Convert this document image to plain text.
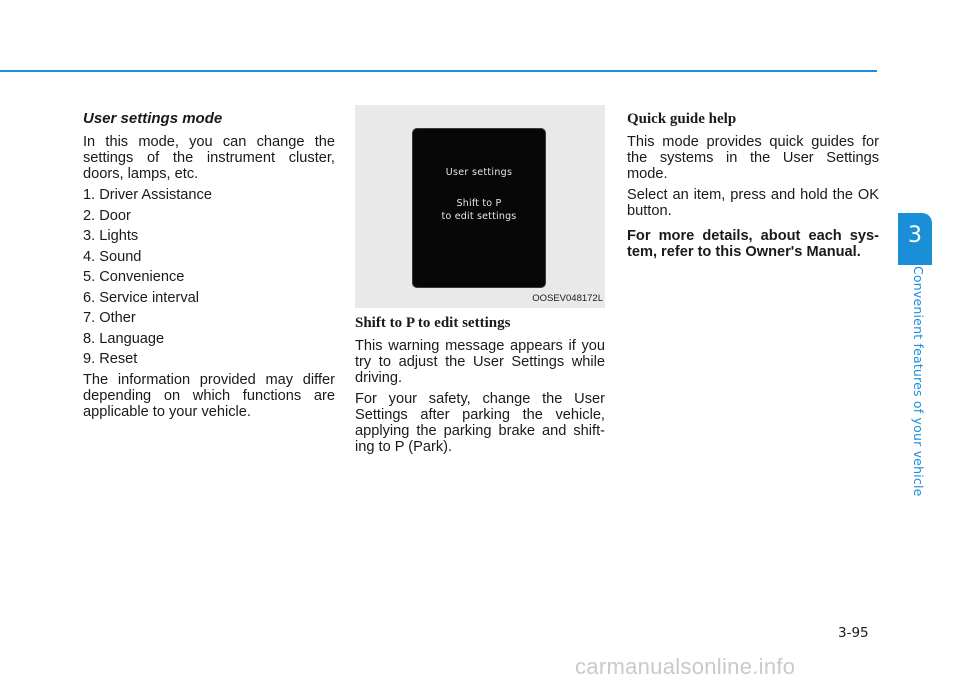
User settings mode

In this mode, you can change the settings of the instrument cluster, doors, lamps, etc.

1. Driver Assistance
2. Door
3. Lights
4. Sound
5. Convenience
6. Service interval
7. Other
8. Language
9. Reset

The information provided may differ depending on which functions are applicable to your vehicle.

User settings
Shift to P
to edit settings
OOSEV048172L
Shift to P to edit settings

This warning message appears if you try to adjust the User Settings while driving.

For your safety, change the User Settings after parking the vehicle, applying the parking brake and shift-ing to P (Park).

Quick guide help

This mode provides quick guides for the systems in the User Settings mode.

Select an item, press and hold the OK button.

For more details, about each sys-tem, refer to this Owner's Manual.

3
Convenient features of your vehicle
3-95
carmanualsonline.info
